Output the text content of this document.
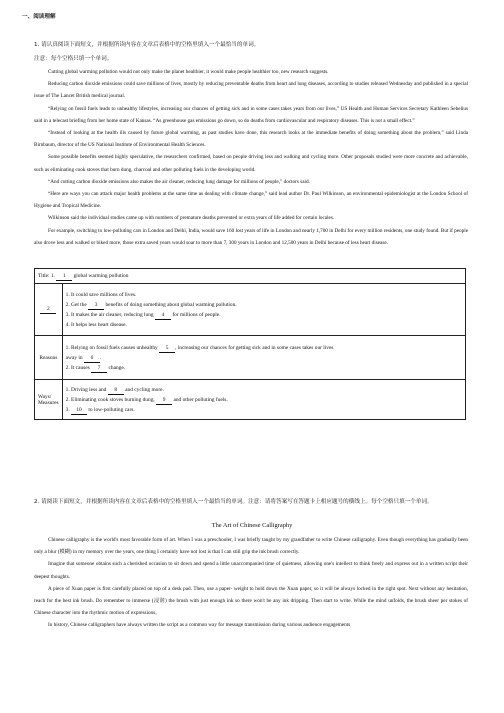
一、阅读理解
1. 请认真阅读下面短文，并根据所读内容在文章后表格中的空格里填入一个最恰当的单词。
注意：每个空格只填一个单词。

Cutting global warming pollution would not only make the planet healthier, it would make people healthier too, new research suggests.

Reducing carbon dioxide emissions could save millions of lives, mostly by reducing preventable deaths from heart and lung diseases, according to studies released Wednesday and published in a special issue of The Lancet British medical journal.

“Relying on fossil fuels leads to unhealthy lifestyles, increasing our chances of getting sick and in some cases takes years from our lives,” US Health and Human Services Secretary Kathleen Sebelius said in a telecast briefing from her home state of Kansas. “As greenhouse gas emissions go down, so do deaths from cardiovascular and respiratory diseases. This is not a small effect.”

“Instead of looking at the health ills caused by future global warming, as past studies have done, this research looks at the immediate benefits of doing something about the problem,” said Linda Birnbaum, director of the US National Institute of Environmental Health Sciences.

Some possible benefits seemed highly speculative, the researchers confirmed, based on people driving less and walking and cycling more. Other proposals studied were more concrete and achievable, such as eliminating cook stoves that burn dung, charcoal and other polluting fuels in the developing world.

“And cutting carbon dioxide emissions also makes the air cleaner, reducing lung damage for millions of people,” doctors said.

“Here are ways you can attack major health problems at the same time as dealing with climate change,” said lead author Dr. Paul Wilkinson, an environmental epidemiologist at the London School of Hygiene and Tropical Medicine.

Wilkinson said the individual studies came up with numbers of premature deaths prevented or extra years of life added for certain locales.

For example, switching to low-polluting cars in London and Delhi, India, would save 160 lost years of life in London and nearly 1,700 in Delhi for every million residents, one study found. But if people also drove less and walked or biked more, those extra saved years would soar to more than 7, 300 years in London and 12,500 years in Delhi because of less heart disease.

Title: 1. 1 global warming pollution	
2	1. It could save millions of lives.
2. Get the 3 benefits of doing something about global warming pollution.
3. It makes the air cleaner, reducing lung 4 for millions of people.
4. It helps less heart disease.

Reasons	1. Relying on fossil fuels causes unhealthy 5 , increasing our chances for getting sick and in some cases takes our lives
away in 6 .
2. It causes 7 change.

Ways/ Measures	1. Driving less and 8 and cycling more.
2. Eliminating cook stoves burning dung, 9 and other polluting fuels.
3. 10 to low-polluting cars.
2. 请阅读下面短文，并根据所读内容在文章后表格中的空格里填入一个最恰当的单词。注意：请将答案写在答题卡上相应题号的横线上。每个空格只填一个单词。
The Art of Chinese Calligraphy

Chinese calligraphy is the world's most favorable form of art. When I was a preschooler, I was briefly taught by my grandfather to write Chinese calligraphy. Even though everything has gradually been only a blur (模糊) in my memory over the years, one thing I certainly have not lost is that I can still grip the ink brush correctly.

Imagine that someone obtains such a cherished occasion to sit down and spend a little unaccompanied time of quietness, allowing one's intellect to think freely and express out in a written script their deepest thoughts.

A piece of Xuan paper is first carefully placed on top of a desk pad. Then, use a paper- weight to hold down the Xuan paper, so it will be always locked in the right spot. Next without any hesitation, reach for the best ink brush. Do remember to immerse (浸润) the brush with just enough ink so there won't be any ink dripping. Then start to write. While the mind unfolds, the brush sheer per stokes of Chinese character into the rhythmic motion of expressions。

In history, Chinese calligraphers have always written the script as a common way for message transmission during various audience engagements
